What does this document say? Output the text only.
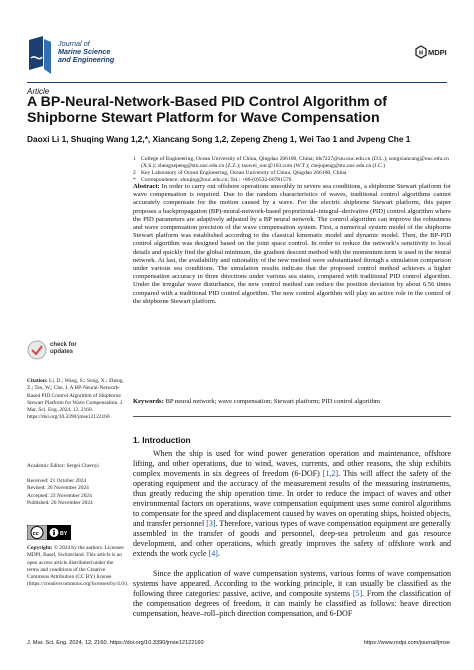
Journal of
Marine Science
and Engineering
M MDPI
Article
A BP-Neural-Network-Based PID Control Algorithm of Shipborne Stewart Platform for Wave Compensation
Daoxi Li 1, Shuqing Wang 1,2,*, Xiancang Song 1,2, Zepeng Zheng 1, Wei Tao 1 and Jvpeng Che 1
1 College of Engineering, Ocean University of China, Qingdao 266100, China; lds7227@stu.ouc.edu.cn (D.L.); songxiancang@ouc.edu.cn (X.S.); zhengzepeng@stu.ouc.edu.cn (Z.Z.); taowei_ouc@163.com (W.T.); chejupeng@stu.ouc.edu.cn (J.C.)
2 Key Laboratory of Ocean Engineering, Ocean University of China, Qingdao 266100, China
* Correspondence: shuqing@ouc.edu.cn; Tel.: +86-(0)532-66781576
Abstract: In order to carry out offshore operations smoothly in severe sea conditions, a shipborne Stewart platform for wave compensation is required. Due to the random characteristics of waves, traditional control algorithms cannot accurately compensate for the motion caused by a wave. For the electric shipborne Stewart platform, this paper proposes a backpropagation (BP)-neural-network-based proportional–integral–derivative (PID) control algorithm where the PID parameters are adaptively adjusted by a BP neural network. The control algorithm can improve the robustness and wave compensation precision of the wave compensation system. First, a numerical system model of the shipborne Stewart platform was established according to the classical kinematic model and dynamic model. Then, the BP-PID control algorithm was designed based on the joint space control. In order to reduce the network’s sensitivity to local details and quickly find the global minimum, the gradient descent method with the momentum term is used in the neural network. At last, the availability and rationality of the new method were substantiated through a simulation comparison under various sea conditions. The simulation results indicate that the proposed control method achieves a higher compensation accuracy in three directions under various sea states, compared with traditional PID control algorithm. Under the irregular wave disturbance, the new control method can reduce the position deviation by about 6.56 times compared with a traditional PID control algorithm. The new control algorithm will play an active role in the control of the shipborne Stewart platform.
Keywords: BP neural network; wave compensation; Stewart platform; PID control algorithm
check for
updates
Citation: Li, D.; Wang, S.; Song, X.; Zheng, Z.; Tao, W.; Che, J. A BP-Neural-Network-Based PID Control Algorithm of Shipborne Stewart Platform for Wave Compensation. J. Mar. Sci. Eng. 2024, 12, 2160. https://doi.org/10.3390/jmse12122160
Academic Editor: Sergei Chernyi
Received: 21 October 2024
Revised: 20 November 2024
Accepted: 23 November 2024
Published: 26 November 2024
cc	BY
Copyright: © 2024 by the authors. Licensee MDPI, Basel, Switzerland. This article is an open access article distributed under the terms and conditions of the Creative Commons Attribution (CC BY) license (https://creativecommons.org/licenses/by/4.0/).
1. Introduction
When the ship is used for wind power generation operation and maintenance, offshore lifting, and other operations, due to wind, waves, currents, and other reasons, the ship exhibits complex movements in six degrees of freedom (6-DOF) [1,2]. This will affect the safety of the operating equipment and the accuracy of the measurement results of the measuring instruments, thus greatly reducing the ship operation time. In order to reduce the impact of waves and other environmental factors on operations, wave compensation equipment uses some control algorithms to compensate for the speed and displacement caused by waves on operating ships, hoisted objects, and transfer personnel [3]. Therefore, various types of wave compensation equipment are generally assembled in the transfer of goods and personnel, deep-sea petroleum and gas resource development, and other operations, which greatly improves the safety of offshore work and extends the work cycle [4].
Since the application of wave compensation systems, various forms of wave compensation systems have appeared. According to the working principle, it can usually be classified as the following three categories: passive, active, and composite systems [5]. From the classification of the compensation degrees of freedom, it can mainly be classified as follows: heave direction compensation, heave–roll–pitch direction compensation, and 6-DOF
J. Mar. Sci. Eng. 2024, 12, 2160. https://doi.org/10.3390/jmse12122160	https://www.mdpi.com/journal/jmse
